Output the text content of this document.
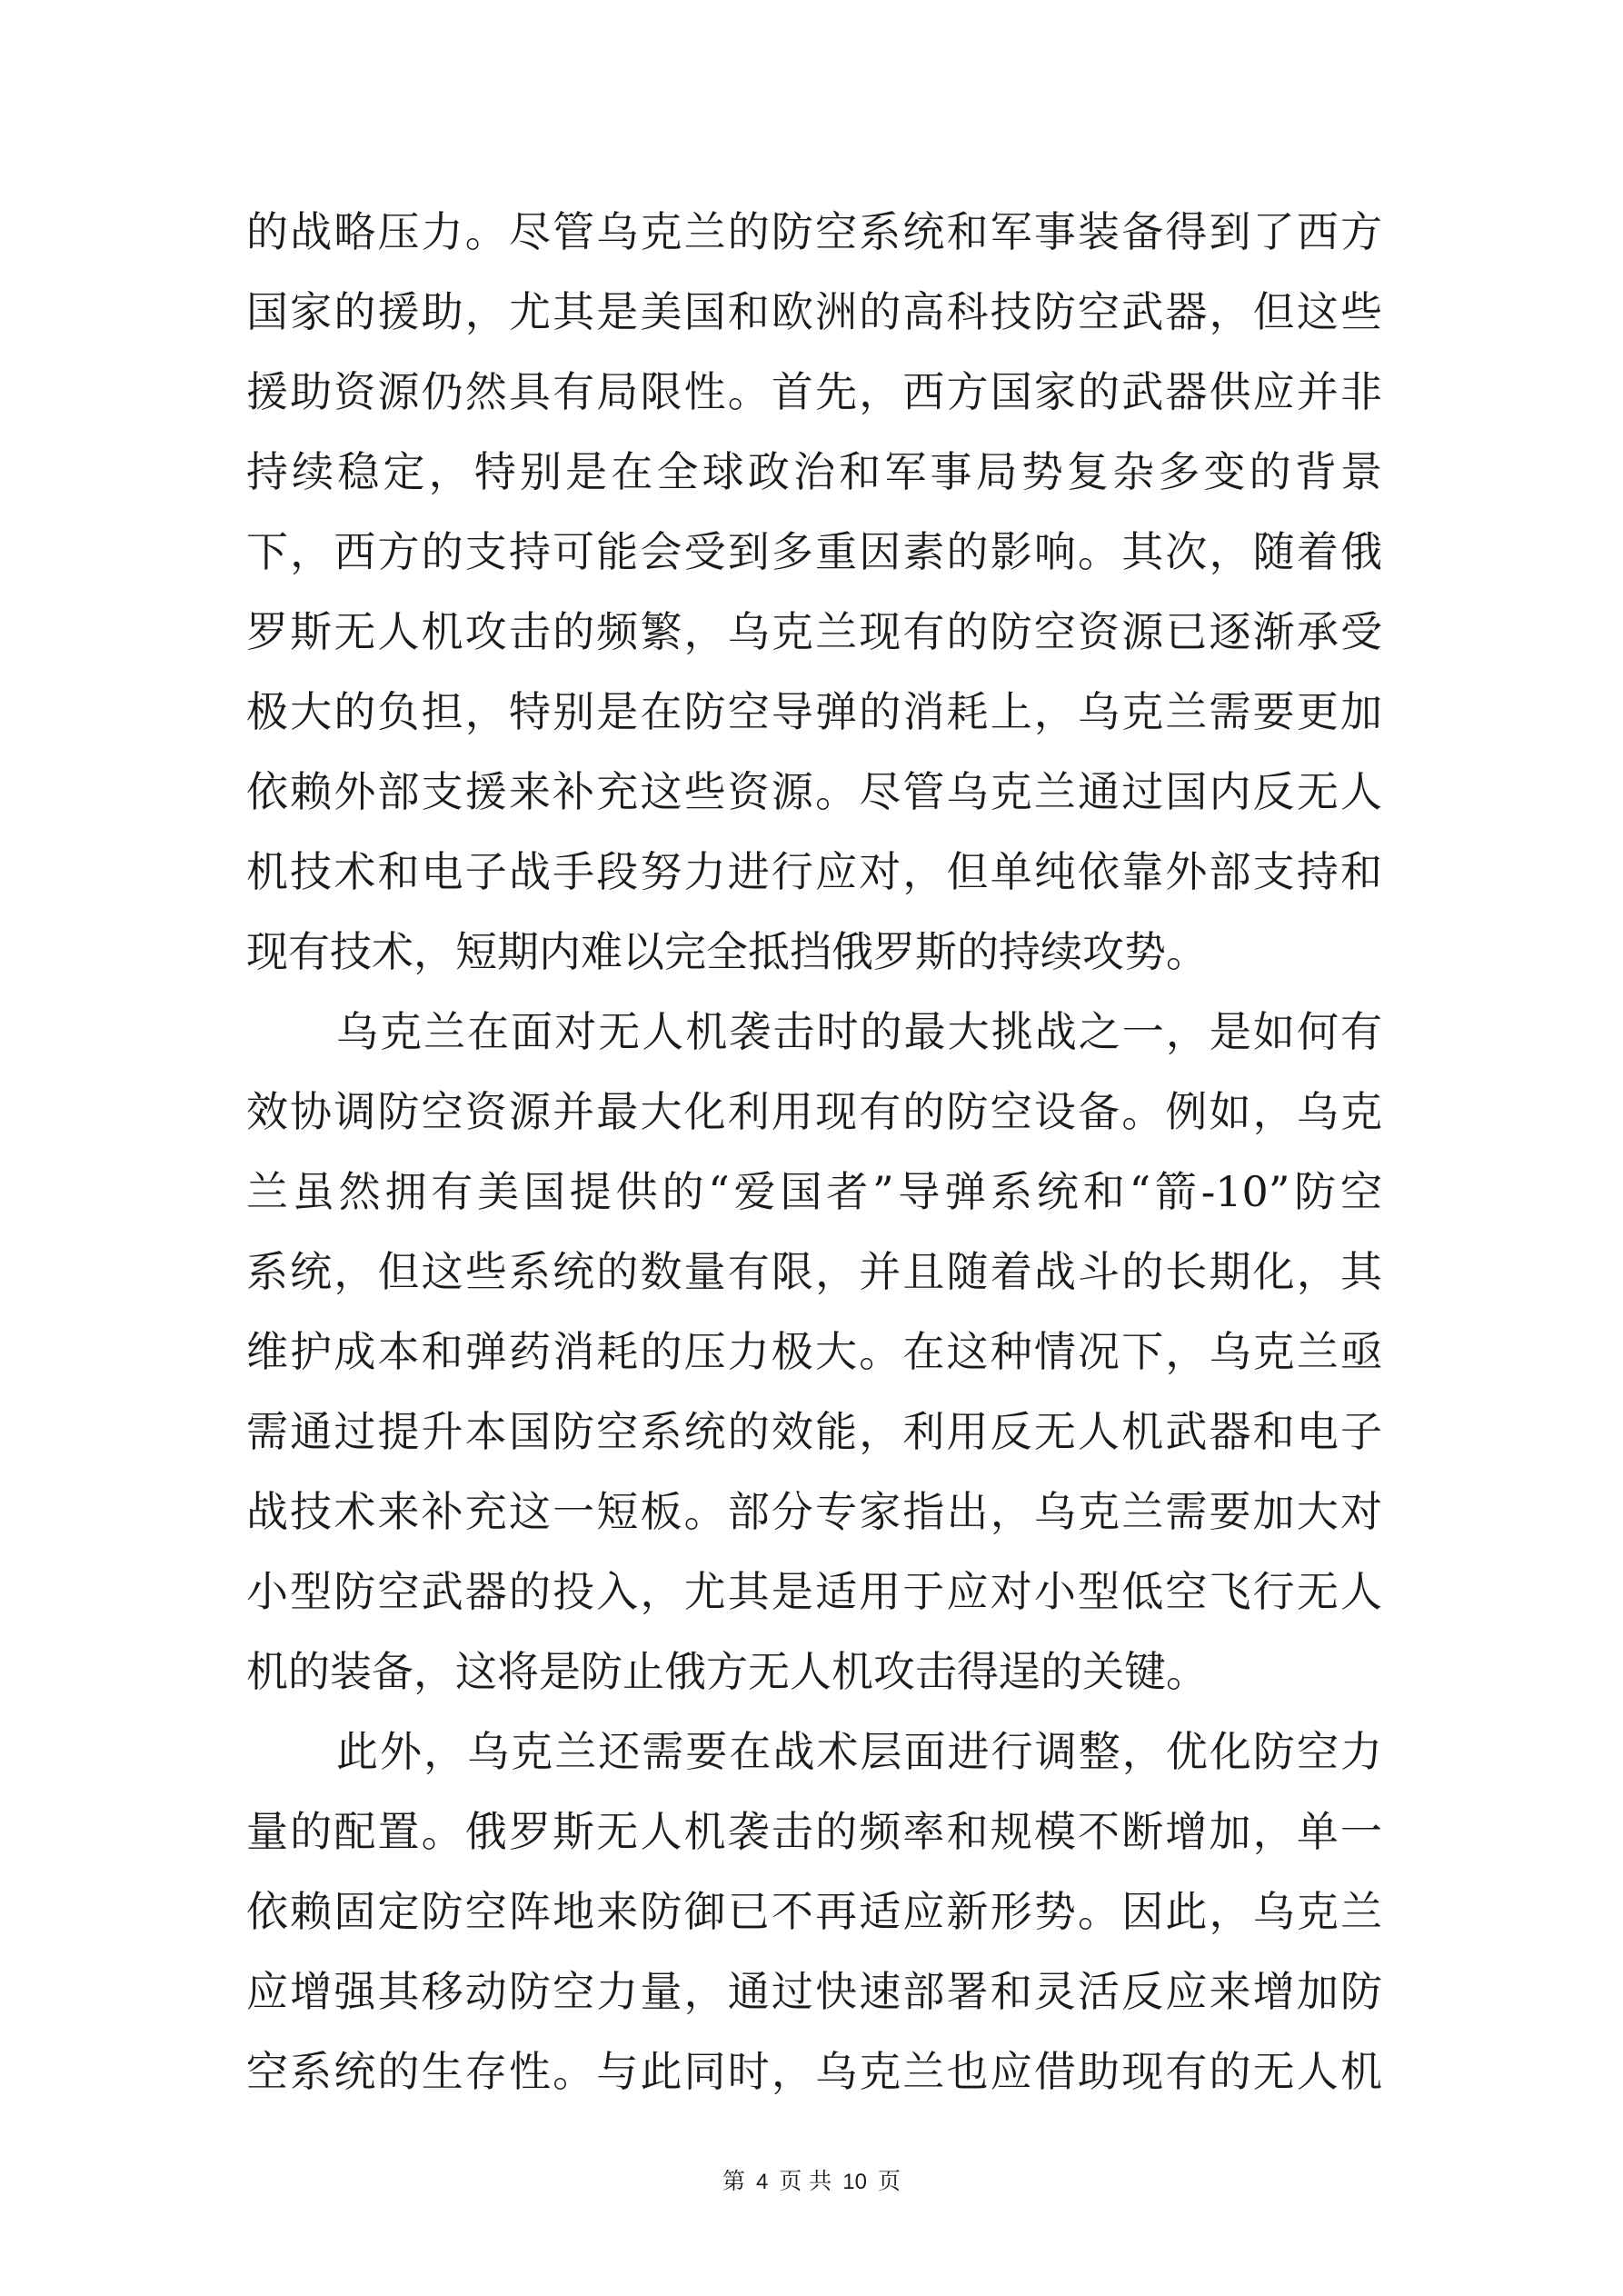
的战略压力。尽管乌克兰的防空系统和军事装备得到了西方
国家的援助，尤其是美国和欧洲的高科技防空武器，但这些
援助资源仍然具有局限性。首先，西方国家的武器供应并非
持续稳定，特别是在全球政治和军事局势复杂多变的背景
下，西方的支持可能会受到多重因素的影响。其次，随着俄
罗斯无人机攻击的频繁，乌克兰现有的防空资源已逐渐承受
极大的负担，特别是在防空导弹的消耗上，乌克兰需要更加
依赖外部支援来补充这些资源。尽管乌克兰通过国内反无人
机技术和电子战手段努力进行应对，但单纯依靠外部支持和
现有技术，短期内难以完全抵挡俄罗斯的持续攻势。
乌克兰在面对无人机袭击时的最大挑战之一，是如何有
效协调防空资源并最大化利用现有的防空设备。例如，乌克
兰虽然拥有美国提供的“爱国者”导弹系统和“箭-10”防空
系统，但这些系统的数量有限，并且随着战斗的长期化，其
维护成本和弹药消耗的压力极大。在这种情况下，乌克兰亟
需通过提升本国防空系统的效能，利用反无人机武器和电子
战技术来补充这一短板。部分专家指出，乌克兰需要加大对
小型防空武器的投入，尤其是适用于应对小型低空飞行无人
机的装备，这将是防止俄方无人机攻击得逞的关键。
此外，乌克兰还需要在战术层面进行调整，优化防空力
量的配置。俄罗斯无人机袭击的频率和规模不断增加，单一
依赖固定防空阵地来防御已不再适应新形势。因此，乌克兰
应增强其移动防空力量，通过快速部署和灵活反应来增加防
空系统的生存性。与此同时，乌克兰也应借助现有的无人机
第 4 页 共 10 页
